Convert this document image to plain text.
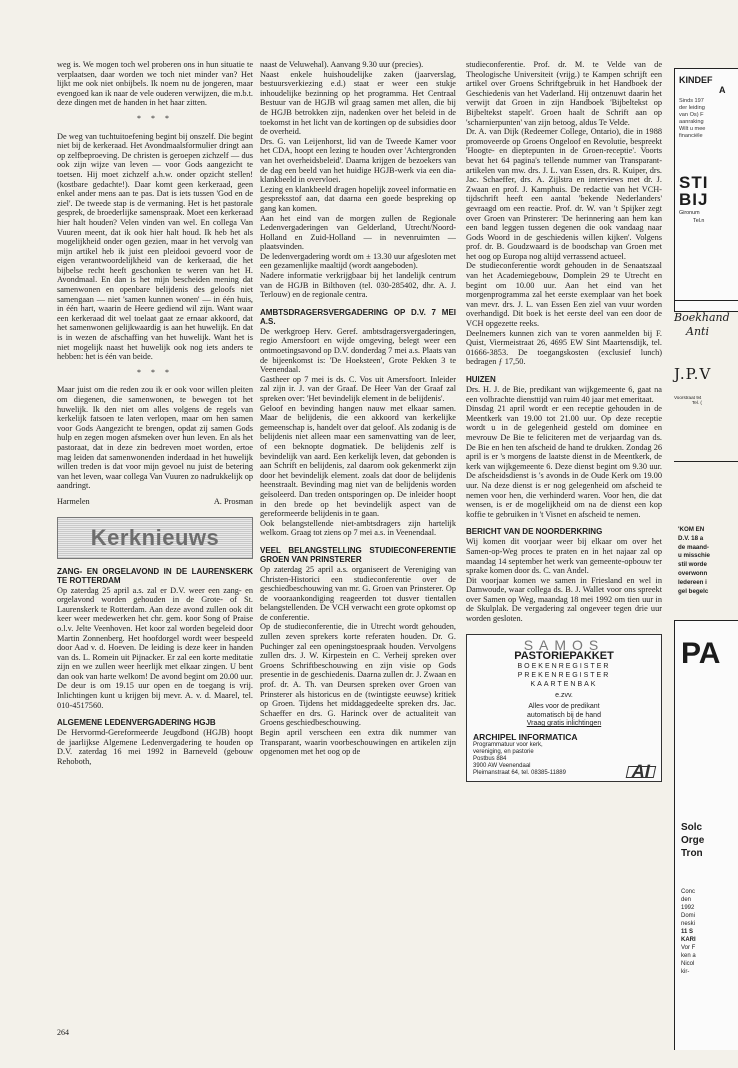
weg is. We mogen toch wel proberen ons in hun situatie te verplaatsen, daar worden we toch niet minder van? Het lijkt me ook niet onbijbels. Ik noem nu de jongeren, maar evengoed kan ik naar de vele ouderen verwijzen, die m.b.t. deze dingen met de handen in het haar zitten.

* * *

De weg van tuchtuitoefening begint bij onszelf. Die begint niet bij de kerkeraad. Het Avondmaalsformulier dringt aan op zelfbeproeving. De christen is geroepen zichzelf — dus ook zijn wijze van leven — voor Gods aangezicht te toetsen. Hij moet zichzelf a.h.w. onder opzicht stellen! (kostbare gedachte!). Daar komt geen kerkeraad, geen enkel ander mens aan te pas. Dat is iets tussen 'God en de ziel'. De tweede stap is de vermaning. Het is het pastorale gesprek, de broederlijke samenspraak. Moet een kerkeraad hier halt houden? Velen vinden van wel. En collega Van Vuuren meent, dat ik ook hier halt houd. Ik heb het als mogelijkheid onder ogen gezien, maar in het vervolg van mijn artikel heb ik juist een pleidooi gevoerd voor de eigen verantwoordelijkheid van de kerkeraad, die het bijbelse recht heeft geschonken te weren van het H. Avondmaal. En dan is het mijn bescheiden mening dat samenwonen en openbare belijdenis des geloofs niet samengaan — niet 'samen kunnen wonen' — in één huis, in één hart, waarin de Heere gediend wil zijn. Want waar een kerkeraad dit wel toelaat gaat ze ernaar akkoord, dat het samenwonen gelijkwaardig is aan het huwelijk. En dat is in wezen de afschaffing van het huwelijk. Want het is niet mogelijk naast het huwelijk ook nog iets anders te hebben: het is één van beide.

* * *

Maar juist om die reden zou ik er ook voor willen pleiten om diegenen, die samenwonen, te bewegen tot het huwelijk. Ik den niet om alles volgens de regels van kerkelijk fatsoen te laten verlopen, maar om hen samen voor Gods Aangezicht te brengen, opdat zij samen Gods hulp en zegen mogen afsmeken over hun leven. En als het pastoraat, dat in deze zin bedreven moet worden, ertoe mag leiden dat samenwonenden inderdaad in het huwelijk willen treden is dat voor mijn gevoel nu juist de betering van het leven, waar collega Van Vuuren zo nadrukkelijk op aandringt.

Harmelen	A. Prosman
Kerknieuws
ZANG- EN ORGELAVOND IN DE LAURENSKERK TE ROTTERDAM

Op zaterdag 25 april a.s. zal er D.V. weer een zang- en orgelavond worden gehouden in de Grote- of St. Laurenskerk te Rotterdam. Aan deze avond zullen ook dit keer weer medewerken het chr. gem. koor Song of Praise o.l.v. Jelte Veenhoven. Het koor zal worden begeleid door Martin Zonnenberg. Het hoofdorgel wordt weer bespeeld door Aad v. d. Hoeven. De leiding is deze keer in handen van ds. L. Romein uit Pijnacker. Er zal een korte meditatie zijn en we zullen weer heerlijk met elkaar zingen. U bent dan ook van harte welkom! De avond begint om 20.00 uur. De deur is om 19.15 uur open en de toegang is vrij. Inlichtingen kunt u krijgen bij mevr. A. v. d. Maarel, tel. 010-4517560.

ALGEMENE LEDENVERGADERING HGJB

De Hervormd-Gereformeerde Jeugdbond (HGJB) hoopt de jaarlijkse Algemene Ledenvergadering te houden op D.V. zaterdag 16 mei 1992 in Barneveld (gebouw Rehoboth,

naast de Veluwehal). Aanvang 9.30 uur (precies).

Naast enkele huishoudelijke zaken (jaarverslag, bestuursverkiezing e.d.) staat er weer een stukje inhoudelijke bezinning op het programma. Het Centraal Bestuur van de HGJB wil graag samen met allen, die bij de HGJB betrokken zijn, nadenken over het beleid in de toekomst in het licht van de kortingen op de subsidies door de overheid.

Drs. G. van Leijenhorst, lid van de Tweede Kamer voor het CDA, hoopt een lezing te houden over 'Achtergronden van het overheidsbeleid'. Daarna krijgen de bezoekers van de dag een beeld van het huidige HGJB-werk via een dia-klankbeeld in overvloei.

Lezing en klankbeeld dragen hopelijk zoveel informatie en gespreksstof aan, dat daarna een goede bespreking op gang kan komen.

Aan het eind van de morgen zullen de Regionale Ledenvergaderingen van Gelderland, Utrecht/Noord-Holland en Zuid-Holland — in nevenruimten — plaatsvinden.

De ledenvergadering wordt om ± 13.30 uur afgesloten met een gezamenlijke maaltijd (wordt aangeboden).

Nadere informatie verkrijgbaar bij het landelijk centrum van de HGJB in Bilthoven (tel. 030-285402, dhr. A. J. Terlouw) en de regionale centra.

AMBTSDRAGERSVERGADERING OP D.V. 7 MEI A.S.

De werkgroep Herv. Geref. ambtsdragersvergaderingen, regio Amersfoort en wijde omgeving, belegt weer een ontmoetingsavond op D.V. donderdag 7 mei a.s. Plaats van de bijeenkomst is: 'De Hoeksteen', Grote Pekken 3 te Veenendaal.

Gastheer op 7 mei is ds. C. Vos uit Amersfoort. Inleider zal zijn ir. J. van der Graaf. De Heer Van der Graaf zal spreken over: 'Het bevindelijk element in de belijdenis'.

Geloof en bevinding hangen nauw met elkaar samen. Maar de belijdenis, die een akkoord van kerkelijke gemeenschap is, handelt over dat geloof. Als zodanig is de belijdenis niet alleen maar een samenvatting van de leer, of een beknopte dogmatiek. De belijdenis zelf is bevindelijk van aard. Een kerkelijk leven, dat gebonden is aan Schrift en belijdenis, zal daarom ook gekenmerkt zijn door het bevindelijk element. zoals dat door de belijdenis heenstraalt. Bevinding mag niet van de belijdenis worden geïsoleerd. Dan treden ontsporingen op. De inleider hoopt in den brede op het bevindelijk aspect van de gereformeerde belijdenis in te gaan.

Ook belangstellende niet-ambtsdragers zijn hartelijk welkom. Graag tot ziens op 7 mei a.s. in Veenendaal.

VEEL BELANGSTELLING STUDIECONFERENTIE GROEN VAN PRINSTERER

Op zaterdag 25 april a.s. organiseert de Vereniging van Christen-Historici een studieconferentie over de geschiedbeschouwing van mr. G. Groen van Prinsterer. Op de vooraankondiging reageerden tot dusver tientallen belangstellenden. De VCH verwacht een grote opkomst op de conferentie.

Op de studieconferentie, die in Utrecht wordt gehouden, zullen zeven sprekers korte referaten houden. Dr. G. Puchinger zal een openingstoespraak houden. Vervolgens zullen drs. J. W. Kirpestein en C. Verheij spreken over Groens Schriftbeschouwing en zijn visie op Gods presentie in de geschiedenis. Daarna zullen dr. J. Zwaan en prof. dr. A. Th. van Deursen spreken over Groen van Prinsterer als historicus en de (twintigste eeuwse) kritiek op Groen. Tijdens het middaggedeelte spreken drs. Jac. Schaeffer en drs. G. Harinck over de actualiteit van Groens geschiedbeschouwing.

Begin april verscheen een extra dik nummer van Transparant, waarin voorbeschouwingen en artikelen zijn opgenomen met het oog op de

studieconferentie. Prof. dr. M. te Velde van de Theologische Universiteit (vrijg.) te Kampen schrijft een artikel over Groens Schriftgebruik in het Handboek der Geschiedenis van het Vaderland. Hij ontzenuwt daarin het verwijt dat Groen in zijn Handboek 'Bijbeltekst op Bijbeltekst stapelt'. Groen haalt de Schrift aan op 'scharnierpunten' van zijn betoog, aldus Te Velde.

Dr. A. van Dijk (Redeemer College, Ontario), die in 1988 promoveerde op Groens Ongeloof en Revolutie, bespreekt 'Hoogte- en dieptepunten in de Groen-receptie'. Voorts bevat het 64 pagina's tellende nummer van Transparant-artikelen van mw. drs. J. L. van Essen, drs. R. Kuiper, drs. Jac. Schaeffer, drs. A. Zijlstra en interviews met dr. J. Zwaan en prof. J. Kamphuis. De redactie van het VCH-tijdschrift heeft een aantal 'bekende Nederlanders' gevraagd om een reactie. Prof. dr. W. van 't Spijker zegt over Groen van Prinsterer: 'De herinnering aan hem kan een band leggen tussen degenen die ook vandaag naar Gods Woord in de geschiedenis willen kijken'. Volgens prof. dr. B. Goudzwaard is de boodschap van Groen met het oog op Europa nog altijd verrassend actueel.

De studieconferentie wordt gehouden in de Senaatszaal van het Academiegebouw, Domplein 29 te Utrecht en begint om 10.00 uur. Aan het eind van het morgenprogramma zal het eerste exemplaar van het boek van mevr. drs. J. L. van Essen Een ziel van vuur worden overhandigd. Dit boek is het eerste deel van een door de VCH opgezette reeks.

Deelnemers kunnen zich van te voren aanmelden bij F. Quist, Viermeistraat 26, 4695 EW Sint Maartensdijk, tel. 01666-3853. De toegangskosten (exclusief lunch) bedragen ƒ 17,50.

HUIZEN

Drs. H. J. de Bie, predikant van wijkgemeente 6, gaat na een volbrachte diensttijd van ruim 40 jaar met emeritaat.

Dinsdag 21 april wordt er een receptie gehouden in de Meentkerk van 19.00 tot 21.00 uur. Op deze receptie wordt u in de gelegenheid gesteld om dominee en mevrouw De Bie te feliciteren met de verjaardag van ds. De Bie en hen ten afscheid de hand te drukken. Zondag 26 april is er 's morgens de laatste dienst in de Meentkerk, de kerk van wijkgemeente 6. Deze dienst begint om 9.30 uur. De afscheidsdienst is 's avonds in de Oude Kerk om 19.00 uur. Na deze dienst is er nog gelegenheid om afscheid te nemen voor hen, die verhinderd waren. Voor hen, die dat wensen, is er de mogelijkheid om na de dienst een kop koffie te gebruiken in 't Visnet en afscheid te nemen.

BERICHT VAN DE NOORDERKRING

Wij komen dit voorjaar weer bij elkaar om over het Samen-op-Weg proces te praten en in het najaar zal op maandag 14 september het werk van gemeente-opbouw ter sprake komen door ds. C. van Andel.

Dit voorjaar komen we samen in Friesland en wel in Damwoude, waar collega ds. B. J. Wallet voor ons spreekt over Samen op Weg, maandag 18 mei 1992 om tien uur in de Skulplak. De vergadering zal ongeveer tegen drie uur worden gesloten.

SAMOS
PASTORIEPAKKET
BOEKENREGISTER
PREKENREGISTER
KAARTENBAK
e.zvv.
Alles voor de predikant
automatisch bij de hand
Vraag gratis inlichtingen
ARCHIPEL INFORMATICA
Programmatuur voor kerk,
vereniging, en pastorie
Postbus 884
3900 AW Veenendaal
Pleimanstraat 64, tel. 08385-11889	AI
KINDEF
A
Sinds 197
der leiding
van Os) F
aanraking
Wilt u mee
financiële
STI
BIJ
Gironum
Tel.n
Boekhand
Anti
J.P.V
Voorstraat 94
Tel. (
'KOM EN
D.V. 18 a
de maand-
u misschie
stil worde
overwonn
Iedereen i
gel begelc
PA
Solc
Orge
Tron
Conc
den
1992
Domi
neski
11 S
KARI
Vor F
ken a
Nicol
kir-
264
